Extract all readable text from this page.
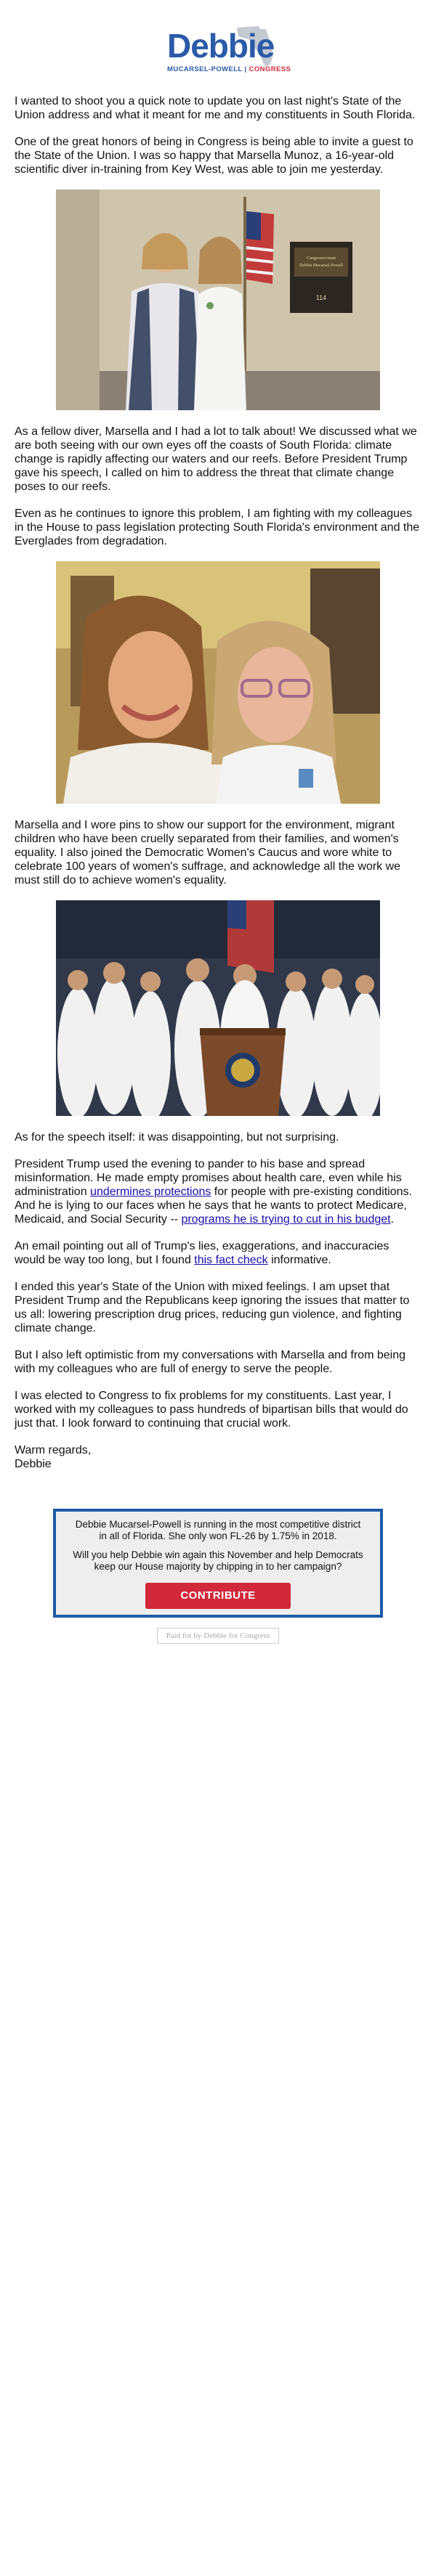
Debbie
MUCARSEL-POWELL | CONGRESS

I wanted to shoot you a quick note to update you on last night's State of the Union address and what it meant for me and my constituents in South Florida.

One of the great honors of being in Congress is being able to invite a guest to the State of the Union. I was so happy that Marsella Munoz, a 16-year-old scientific diver in-training from Key West, was able to join me yesterday.

Congresswoman
Debbie Mucarsel-Powell
114

As a fellow diver, Marsella and I had a lot to talk about! We discussed what we are both seeing with our own eyes off the coasts of South Florida: climate change is rapidly affecting our waters and our reefs. Before President Trump gave his speech, I called on him to address the threat that climate change poses to our reefs.

Even as he continues to ignore this problem, I am fighting with my colleagues in the House to pass legislation protecting South Florida's environment and the Everglades from degradation.

Marsella and I wore pins to show our support for the environment, migrant children who have been cruelly separated from their families, and women's equality. I also joined the Democratic Women's Caucus and wore white to celebrate 100 years of women's suffrage, and acknowledge all the work we must still do to achieve women's equality.

As for the speech itself: it was disappointing, but not surprising.

President Trump used the evening to pander to his base and spread misinformation. He made empty promises about health care, even while his administration undermines protections for people with pre-existing conditions. And he is lying to our faces when he says that he wants to protect Medicare, Medicaid, and Social Security -- programs he is trying to cut in his budget.

An email pointing out all of Trump's lies, exaggerations, and inaccuracies would be way too long, but I found this fact check informative.

I ended this year's State of the Union with mixed feelings. I am upset that President Trump and the Republicans keep ignoring the issues that matter to us all: lowering prescription drug prices, reducing gun violence, and fighting climate change.

But I also left optimistic from my conversations with Marsella and from being with my colleagues who are full of energy to serve the people.

I was elected to Congress to fix problems for my constituents. Last year, I worked with my colleagues to pass hundreds of bipartisan bills that would do just that. I look forward to continuing that crucial work.

Warm regards,
Debbie

Debbie Mucarsel-Powell is running in the most competitive district in all of Florida. She only won FL-26 by 1.75% in 2018.

Will you help Debbie win again this November and help Democrats keep our House majority by chipping in to her campaign?

CONTRIBUTE
Paid for by Debbie for Congress
